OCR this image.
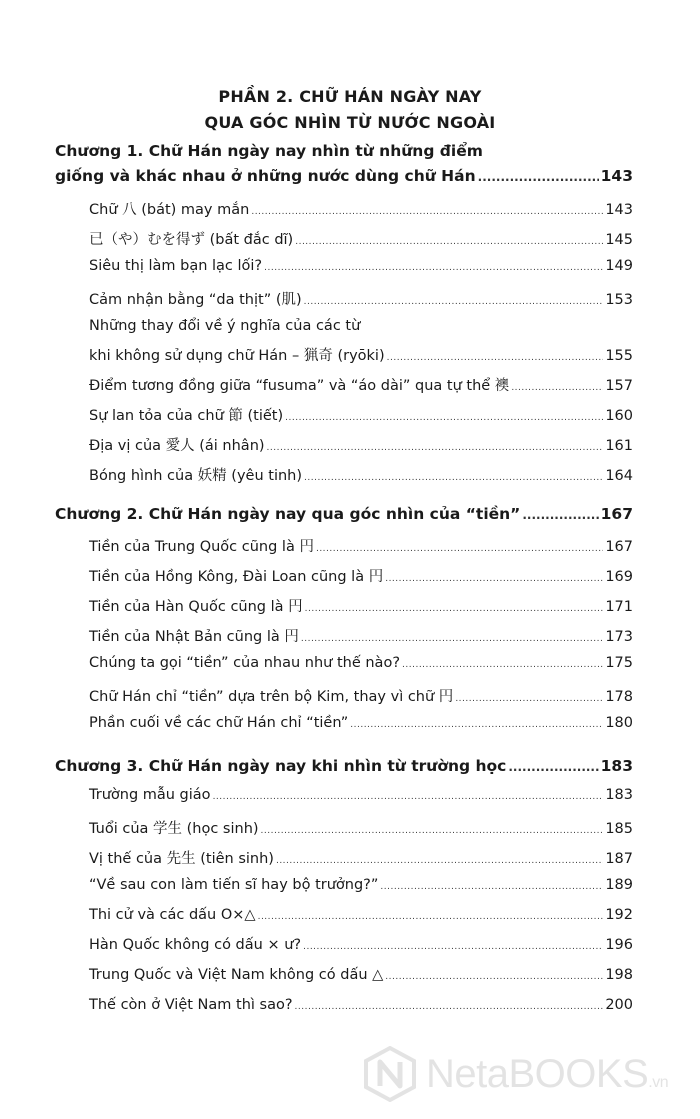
PHẦN 2. CHỮ HÁN NGÀY NAY
QUA GÓC NHÌN TỪ NƯỚC NGOÀI
Chương 1. Chữ Hán ngày nay nhìn từ những điểm
giống và khác nhau ở những nước dùng chữ Hán .....	143
Chữ 八 (bát) may mắn .....	143
已（や）むを得ず (bất đắc dĩ) .....	145
Siêu thị làm bạn lạc lối? .....	149
Cảm nhận bằng “da thịt” (肌) .....	153
Những thay đổi về ý nghĩa của các từ
khi không sử dụng chữ Hán – 猟奇 (ryōki) .....	155
Điểm tương đồng giữa “fusuma” và “áo dài” qua tự thể 襖 .....	157
Sự lan tỏa của chữ 節 (tiết) .....	160
Địa vị của 愛人 (ái nhân) .....	161
Bóng hình của 妖精 (yêu tinh) .....	164
Chương 2. Chữ Hán ngày nay qua góc nhìn của “tiền” .....	167
Tiền của Trung Quốc cũng là 円 .....	167
Tiền của Hồng Kông, Đài Loan cũng là 円 .....	169
Tiền của Hàn Quốc cũng là 円 .....	171
Tiền của Nhật Bản cũng là 円 .....	173
Chúng ta gọi “tiền” của nhau như thế nào? .....	175
Chữ Hán chỉ “tiền” dựa trên bộ Kim, thay vì chữ 円 .....	178
Phần cuối về các chữ Hán chỉ “tiền” .....	180
Chương 3. Chữ Hán ngày nay khi nhìn từ trường học .....	183
Trường mẫu giáo .....	183
Tuổi của 学生 (học sinh) .....	185
Vị thế của 先生 (tiên sinh) .....	187
“Về sau con làm tiến sĩ hay bộ trưởng?” .....	189
Thi cử và các dấu O×△ .....	192
Hàn Quốc không có dấu × ư? .....	196
Trung Quốc và Việt Nam không có dấu △ .....	198
Thế còn ở Việt Nam thì sao? .....	200
NetaBOOKS.vn
